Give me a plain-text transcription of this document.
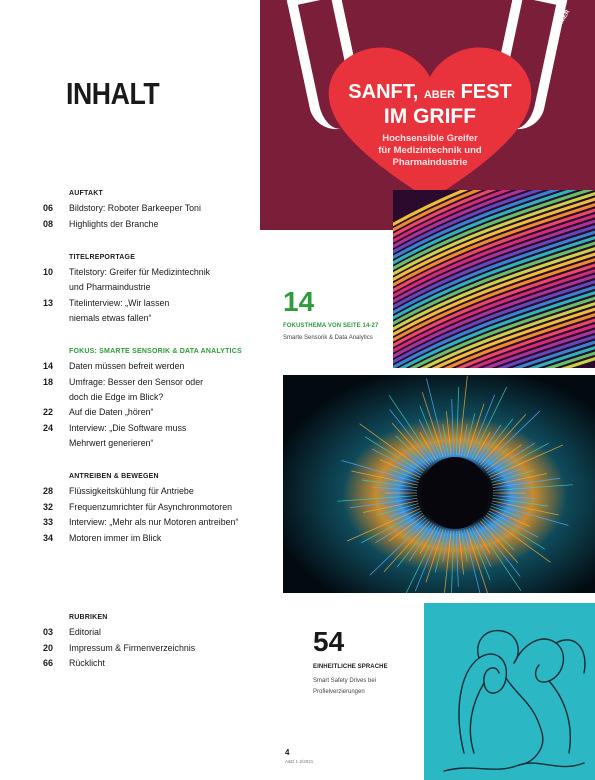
INHALT
AUFTAKT
06 Bildstory: Roboter Barkeeper Toni
08 Highlights der Branche
TITELREPORTAGE
10 Titelstory: Greifer für Medizintechnik
und Pharmaindustrie
13 Titelinterview: „Wir lassen
niemals etwas fallen“
FOKUS: SMARTE SENSORIK & DATA ANALYTICS
14 Daten müssen befreit werden
18 Umfrage: Besser den Sensor oder
doch die Edge im Blick?
22 Auf die Daten „hören“
24 Interview: „Die Software muss
Mehrwert generieren“
ANTREIBEN & BEWEGEN
28 Flüssigkeitskühlung für Antriebe
32 Frequenzumrichter für Asynchronmotoren
33 Interview: „Mehr als nur Motoren antreiben“
34 Motoren immer im Blick
RUBRIKEN
03 Editorial
20 Impressum & Firmenverzeichnis
66 Rücklicht
ZIMMER
SANFT, ABER FEST
IM GRIFF
Hochsensible Greifer
für Medizintechnik und
Pharmaindustrie
14
FOKUSTHEMA VON SEITE 14-27
Smarte Sensorik & Data Analytics
54
EINHEITLICHE SPRACHE
Smart Safety Drives bei
Profielverzierungen
4
A&D 1-2/2021
